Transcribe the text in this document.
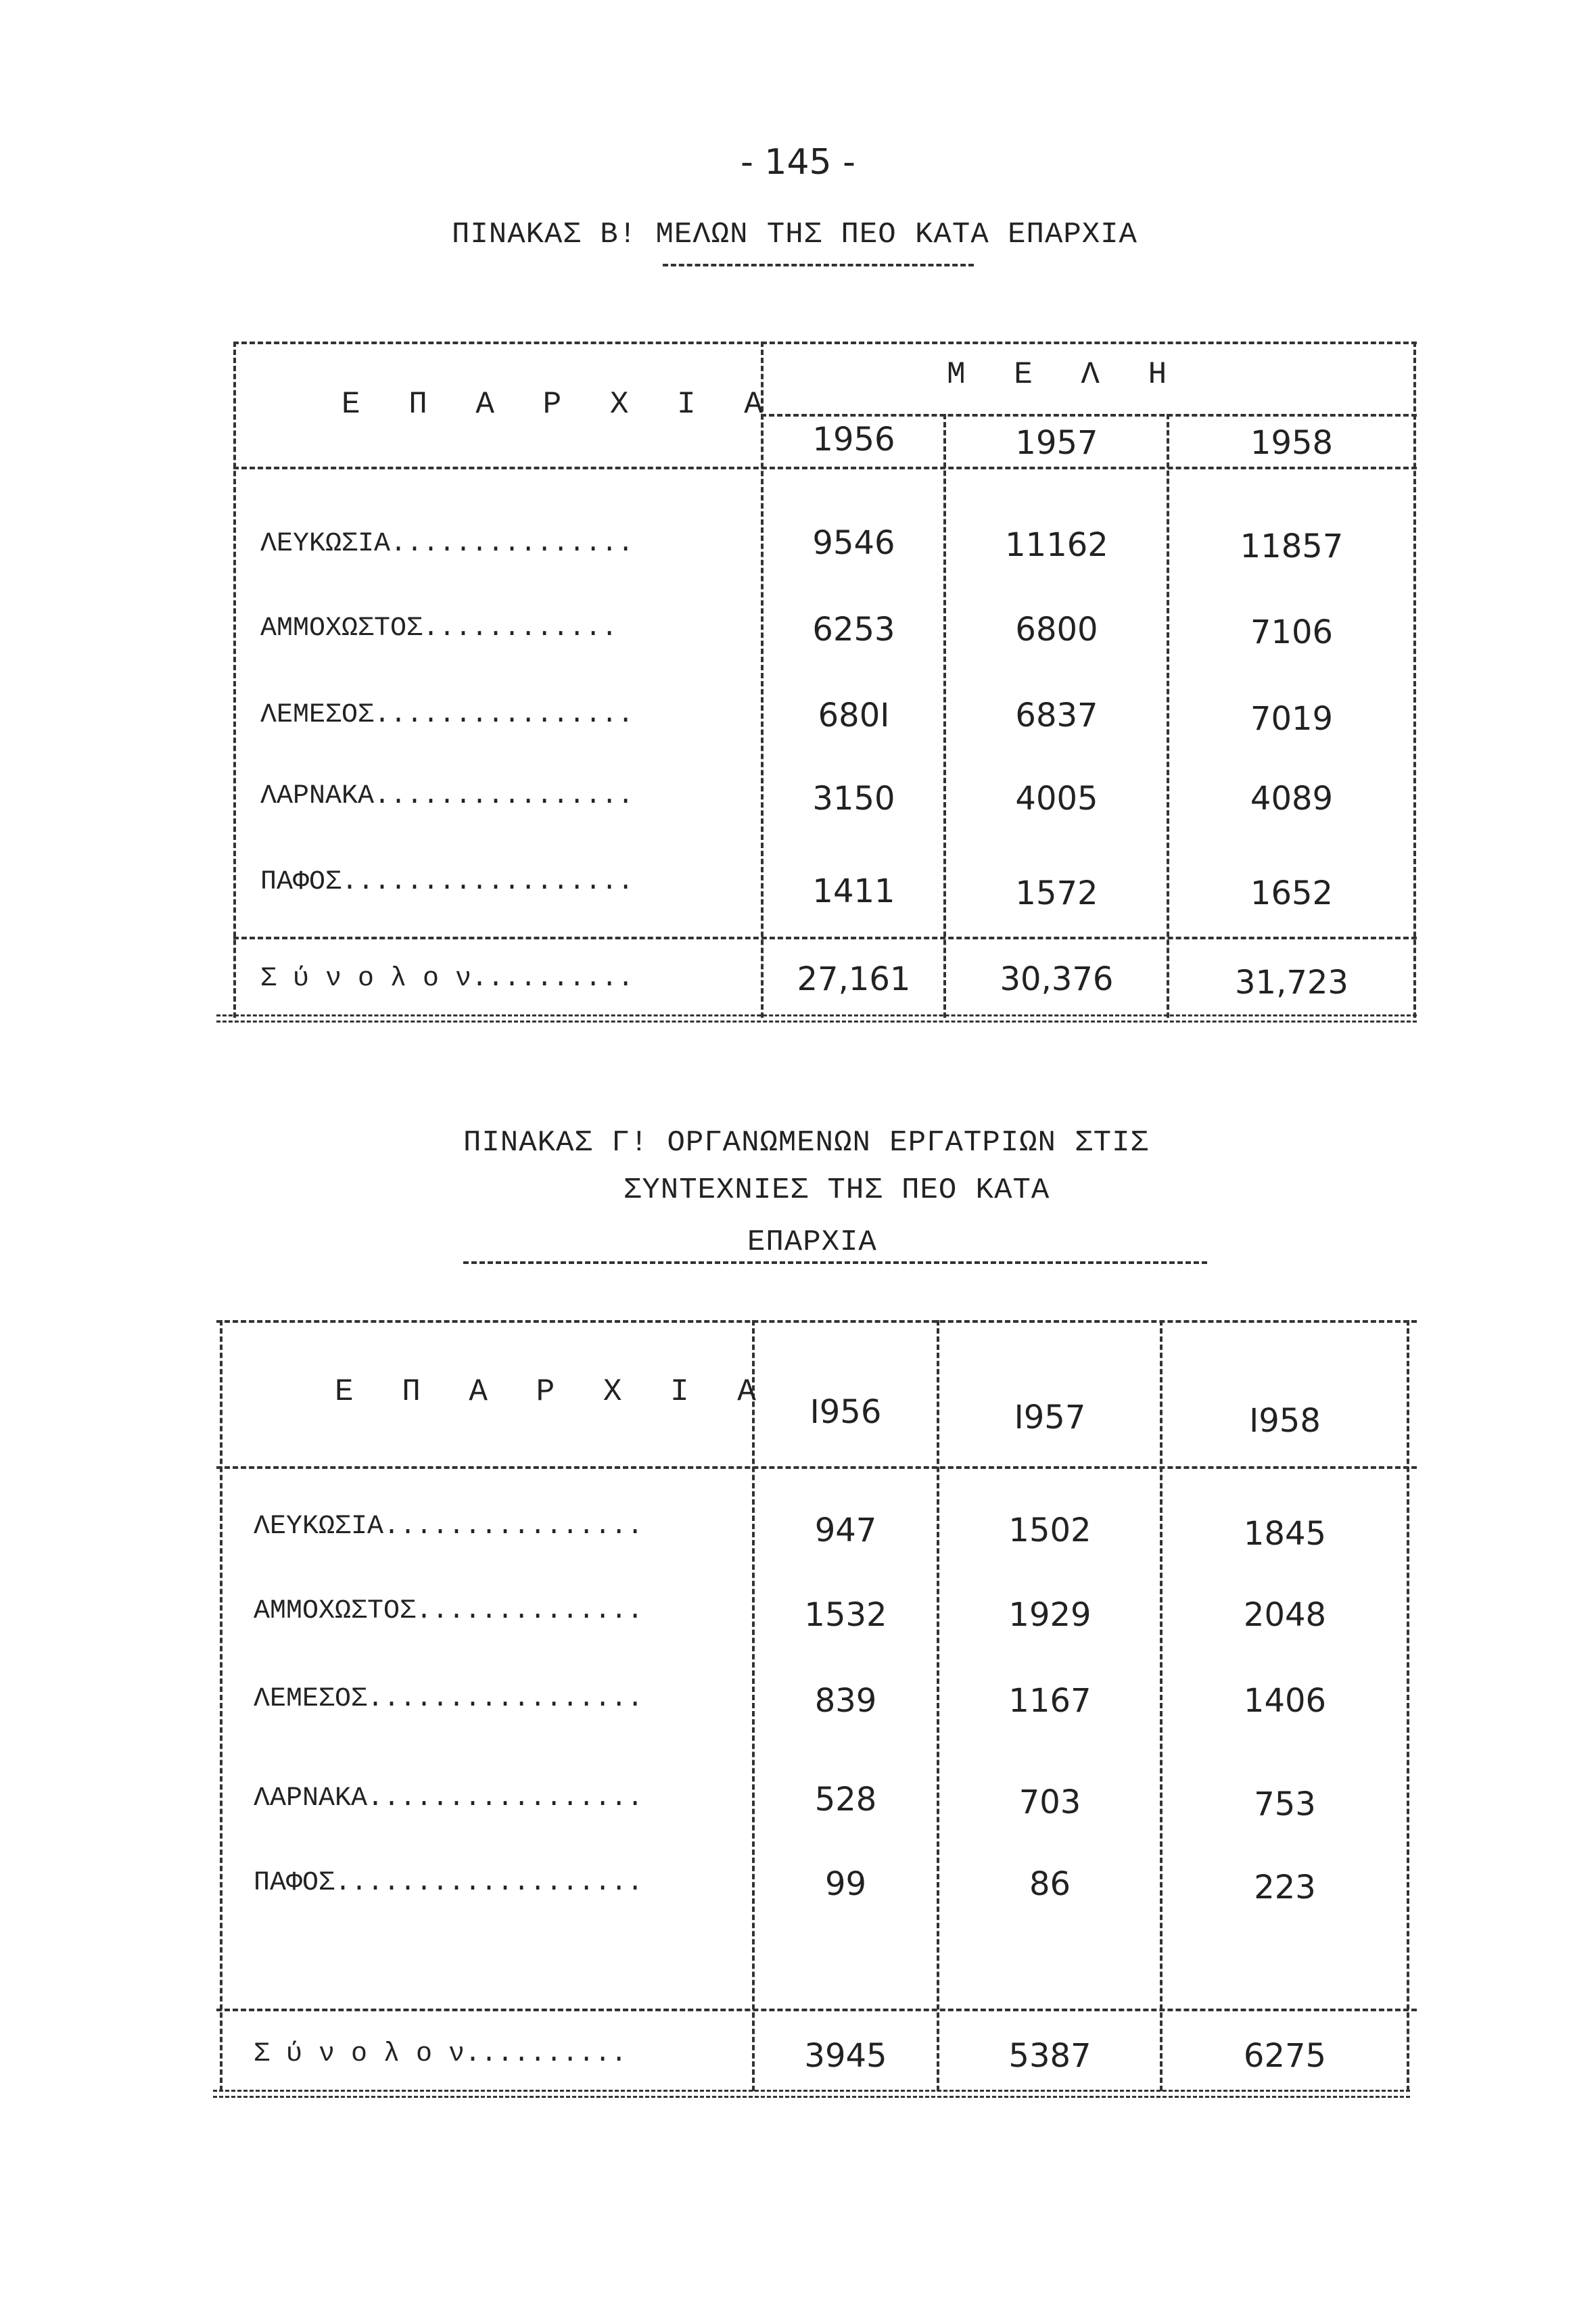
- 145 -
ΠΙΝΑΚΑΣ Β! ΜΕΛΩΝ ΤΗΣ ΠΕΟ ΚΑΤΑ ΕΠΑΡΧΙΑ
Ε Π Α Ρ Χ Ι Α
Μ Ε Λ Η
1956	1957	1958
ΛΕΥΚΩΣΙΑ...............	9546	11162	11857
ΑΜΜΟΧΩΣΤΟΣ............	6253	6800	7106
ΛΕΜΕΣΟΣ................	680I	6837	7019
ΛΑΡΝΑΚΑ................	3150	4005	4089
ΠΑΦΟΣ..................	1411	1572	1652
Σ ύ ν ο λ ο ν..........	27,161	30,376	31,723
ΠΙΝΑΚΑΣ Γ! ΟΡΓΑΝΩΜΕΝΩΝ ΕΡΓΑΤΡΙΩΝ ΣΤΙΣ
ΣΥΝΤΕΧΝΙΕΣ ΤΗΣ ΠΕΟ ΚΑΤΑ
ΕΠΑΡΧΙΑ
Ε Π Α Ρ Χ Ι Α
I956	I957	I958
ΛΕΥΚΩΣΙΑ................	947	1502	1845
ΑΜΜΟΧΩΣΤΟΣ..............	1532	1929	2048
ΛΕΜΕΣΟΣ.................	839	1167	1406
ΛΑΡΝΑΚΑ.................	528	703	753
ΠΑΦΟΣ...................	99	86	223
Σ ύ ν ο λ ο ν..........	3945	5387	6275
